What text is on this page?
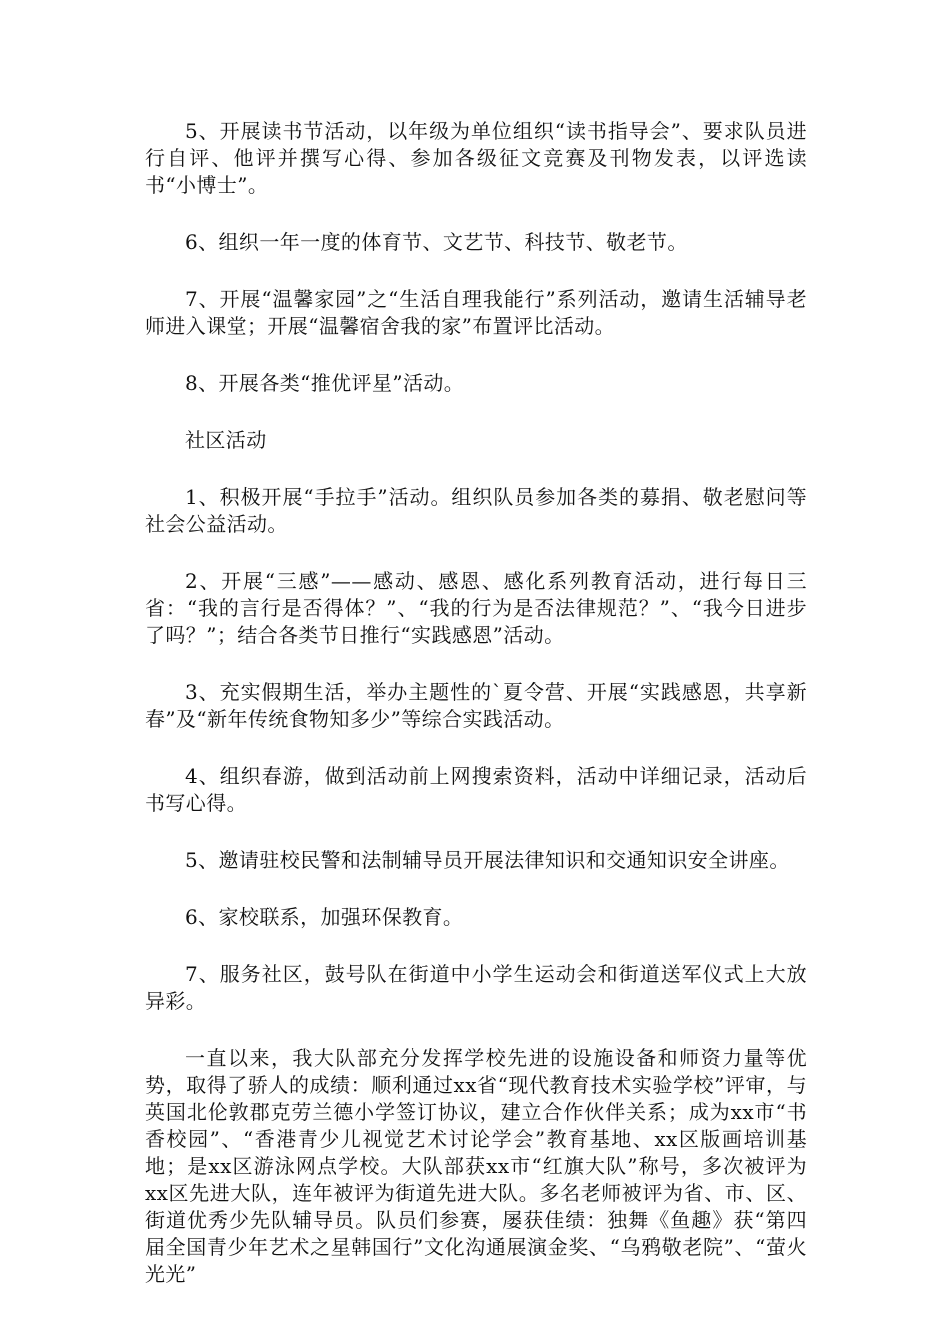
5、开展读书节活动，以年级为单位组织“读书指导会”、要求队员进行自评、他评并撰写心得、参加各级征文竞赛及刊物发表，以评选读书“小博士”。

6、组织一年一度的体育节、文艺节、科技节、敬老节。

7、开展“温馨家园”之“生活自理我能行”系列活动，邀请生活辅导老师进入课堂；开展“温馨宿舍我的家”布置评比活动。

8、开展各类“推优评星”活动。

社区活动

1、积极开展“手拉手”活动。组织队员参加各类的募捐、敬老慰问等社会公益活动。

2、开展“三感”——感动、感恩、感化系列教育活动，进行每日三省：“我的言行是否得体？”、“我的行为是否法律规范？”、“我今日进步了吗？”；结合各类节日推行“实践感恩”活动。

3、充实假期生活，举办主题性的`夏令营、开展“实践感恩，共享新春”及“新年传统食物知多少”等综合实践活动。

4、组织春游，做到活动前上网搜索资料，活动中详细记录，活动后书写心得。

5、邀请驻校民警和法制辅导员开展法律知识和交通知识安全讲座。

6、家校联系，加强环保教育。

7、服务社区，鼓号队在街道中小学生运动会和街道送军仪式上大放异彩。

一直以来，我大队部充分发挥学校先进的设施设备和师资力量等优势，取得了骄人的成绩：顺利通过xx省“现代教育技术实验学校”评审，与英国北伦敦郡克劳兰德小学签订协议，建立合作伙伴关系；成为xx市“书香校园”、“香港青少儿视觉艺术讨论学会”教育基地、xx区版画培训基地；是xx区游泳网点学校。大队部获xx市“红旗大队”称号，多次被评为xx区先进大队，连年被评为街道先进大队。多名老师被评为省、市、区、街道优秀少先队辅导员。队员们参赛，屡获佳绩：独舞《鱼趣》获“第四届全国青少年艺术之星韩国行”文化沟通展演金奖、“乌鸦敬老院”、“萤火光光”
